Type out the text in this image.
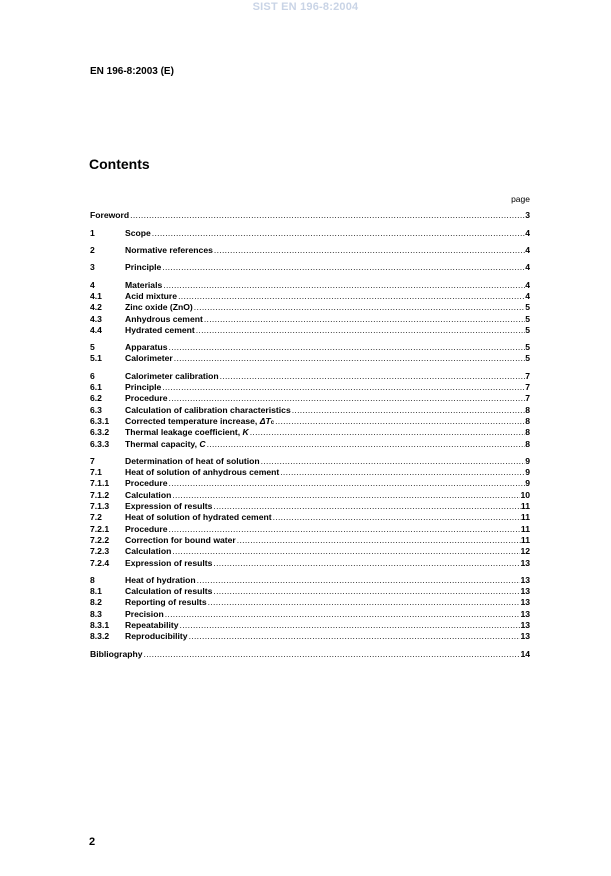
SIST EN 196-8:2004
EN 196-8:2003 (E)
Contents
page
Foreword .....	3
1	Scope .....	4
2	Normative references .....	4
3	Principle .....	4
4	Materials .....	4
4.1	Acid mixture .....	4
4.2	Zinc oxide (ZnO) .....	5
4.3	Anhydrous cement .....	5
4.4	Hydrated cement .....	5
5	Apparatus .....	5
5.1	Calorimeter .....	5
6	Calorimeter calibration .....	7
6.1	Principle .....	7
6.2	Procedure .....	7
6.3	Calculation of calibration characteristics .....	8
6.3.1	Corrected temperature increase, $\Delta T_c$ .....	8
6.3.2	Thermal leakage coefficient, K .....	8
6.3.3	Thermal capacity, C .....	8
7	Determination of heat of solution .....	9
7.1	Heat of solution of anhydrous cement .....	9
7.1.1	Procedure .....	9
7.1.2	Calculation .....	10
7.1.3	Expression of results .....	11
7.2	Heat of solution of hydrated cement .....	11
7.2.1	Procedure .....	11
7.2.2	Correction for bound water .....	11
7.2.3	Calculation .....	12
7.2.4	Expression of results .....	13
8	Heat of hydration .....	13
8.1	Calculation of results .....	13
8.2	Reporting of results .....	13
8.3	Precision .....	13
8.3.1	Repeatability .....	13
8.3.2	Reproducibility .....	13
Bibliography .....	14
2
